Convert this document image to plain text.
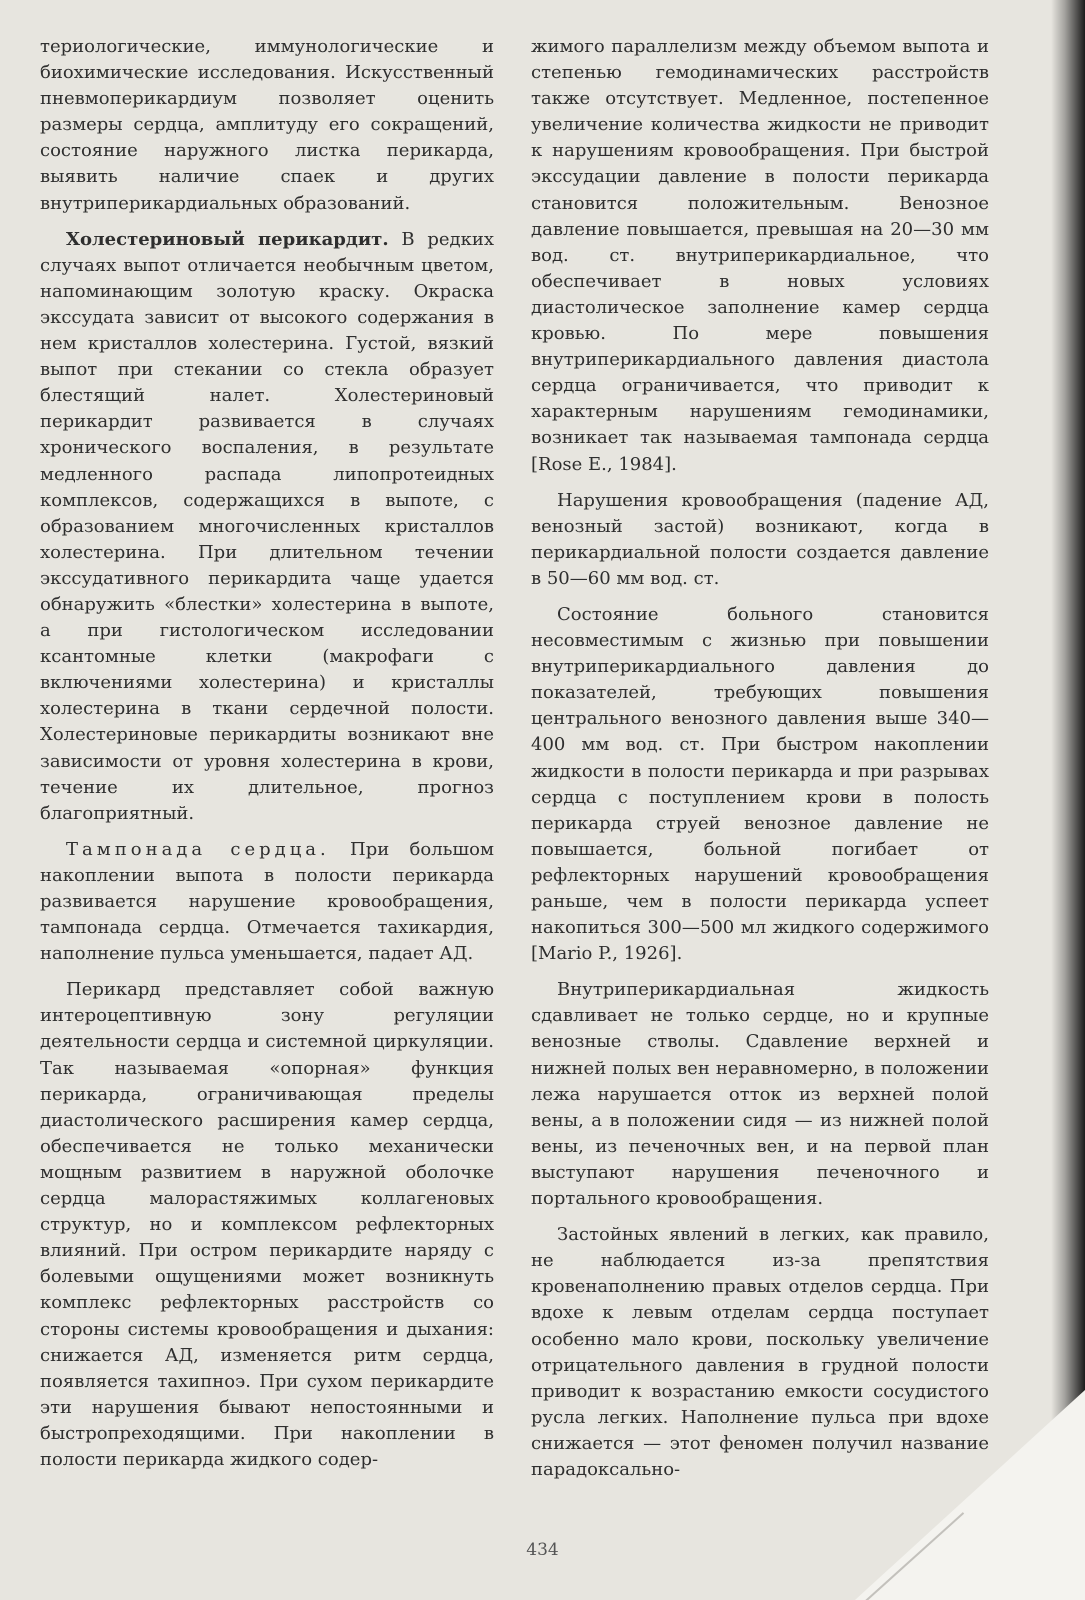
териологические, иммунологические и биохимические исследования. Искусственный пневмоперикардиум позволяет оценить размеры сердца, амплитуду его сокращений, состояние наружного листка перикарда, выявить наличие спаек и других внутриперикардиальных образований.

Холестериновый перикардит. В редких случаях выпот отличается необычным цветом, напоминающим золотую краску. Окраска экссудата зависит от высокого содержания в нем кристаллов холестерина. Густой, вязкий выпот при стекании со стекла образует блестящий налет. Холестериновый перикардит развивается в случаях хронического воспаления, в результате медленного распада липопротеидных комплексов, содержащихся в выпоте, с образованием многочисленных кристаллов холестерина. При длительном течении экссудативного перикардита чаще удается обнаружить «блестки» холестерина в выпоте, а при гистологическом исследовании ксантомные клетки (макрофаги с включениями холестерина) и кристаллы холестерина в ткани сердечной полости. Холестериновые перикардиты возникают вне зависимости от уровня холестерина в крови, течение их длительное, прогноз благоприятный.

Тампонада сердца. При большом накоплении выпота в полости перикарда развивается нарушение кровообращения, тампонада сердца. Отмечается тахикардия, наполнение пульса уменьшается, падает АД.

Перикард представляет собой важную интероцептивную зону регуляции деятельности сердца и системной циркуляции. Так называемая «опорная» функция перикарда, ограничивающая пределы диастолического расширения камер сердца, обеспечивается не только механически мощным развитием в наружной оболочке сердца малорастяжимых коллагеновых структур, но и комплексом рефлекторных влияний. При остром перикардите наряду с болевыми ощущениями может возникнуть комплекс рефлекторных расстройств со стороны системы кровообращения и дыхания: снижается АД, изменяется ритм сердца, появляется тахипноэ. При сухом перикардите эти нарушения бывают непостоянными и быстропреходящими. При накоплении в полости перикарда жидкого содер-

жимого параллелизм между объемом выпота и степенью гемодинамических расстройств также отсутствует. Медленное, постепенное увеличение количества жидкости не приводит к нарушениям кровообращения. При быстрой экссудации давление в полости перикарда становится положительным. Венозное давление повышается, превышая на 20—30 мм вод. ст. внутриперикардиальное, что обеспечивает в новых условиях диастолическое заполнение камер сердца кровью. По мере повышения внутриперикардиального давления диастола сердца ограничивается, что приводит к характерным нарушениям гемодинамики, возникает так называемая тампонада сердца [Rose E., 1984].

Нарушения кровообращения (падение АД, венозный застой) возникают, когда в перикардиальной полости создается давление в 50—60 мм вод. ст.

Состояние больного становится несовместимым с жизнью при повышении внутриперикардиального давления до показателей, требующих повышения центрального венозного давления выше 340—400 мм вод. ст. При быстром накоплении жидкости в полости перикарда и при разрывах сердца с поступлением крови в полость перикарда струей венозное давление не повышается, больной погибает от рефлекторных нарушений кровообращения раньше, чем в полости перикарда успеет накопиться 300—500 мл жидкого содержимого [Mario P., 1926].

Внутриперикардиальная жидкость сдавливает не только сердце, но и крупные венозные стволы. Сдавление верхней и нижней полых вен неравномерно, в положении лежа нарушается отток из верхней полой вены, а в положении сидя — из нижней полой вены, из печеночных вен, и на первой план выступают нарушения печеночного и портального кровообращения.

Застойных явлений в легких, как правило, не наблюдается из-за препятствия кровенаполнению правых отделов сердца. При вдохе к левым отделам сердца поступает особенно мало крови, поскольку увеличение отрицательного давления в грудной полости приводит к возрастанию емкости сосудистого русла легких. Наполнение пульса при вдохе снижается — этот феномен получил название парадоксально-

434
